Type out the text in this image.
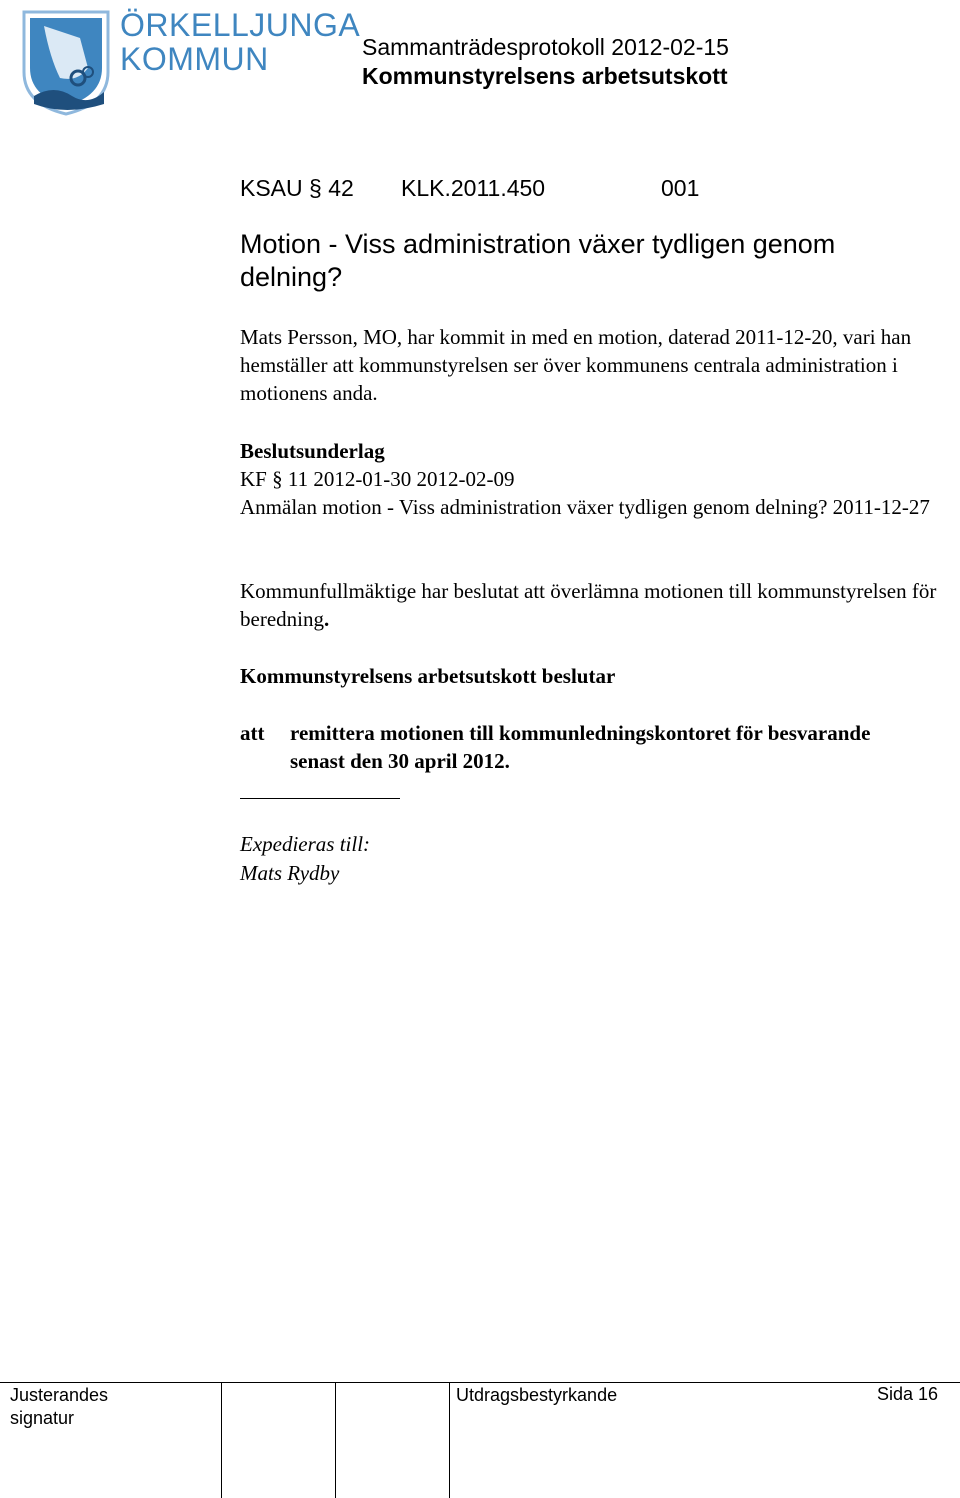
ÖRKELLJUNGA
KOMMUN	Sammanträdesprotokoll 2012-02-15
Kommunstyrelsens arbetsutskott
KSAU § 42 KLK.2011.450	001
Motion - Viss administration växer tydligen genom delning?
Mats Persson, MO, har kommit in med en motion, daterad 2011-12-20, vari han hemställer att kommunstyrelsen ser över kommunens centrala administration i motionens anda.
Beslutsunderlag
KF § 11 2012-01-30 2012-02-09
Anmälan motion - Viss administration växer tydligen genom delning? 2011-12-27
Kommunfullmäktige har beslutat att överlämna motionen till kommunstyrelsen för beredning.
Kommunstyrelsens arbetsutskott beslutar
att remittera motionen till kommunledningskontoret för besvarande senast den 30 april 2012.
Expedieras till:
Mats Rydby
Justerandes
signatur
Utdragsbestyrkande	Sida 16
